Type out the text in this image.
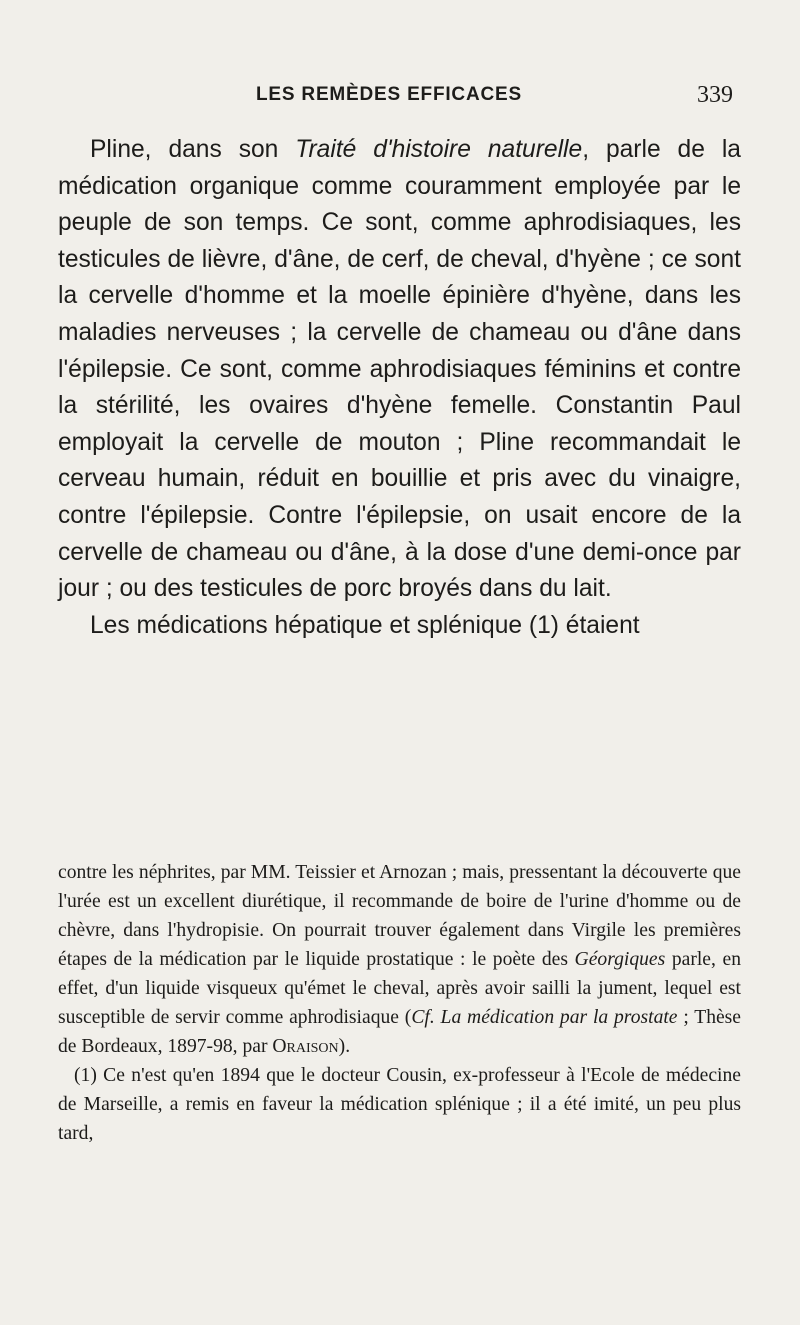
LES REMÈDES EFFICACES	339

Pline, dans son Traité d'histoire naturelle, parle de la médication organique comme couramment employée par le peuple de son temps. Ce sont, comme aphrodisiaques, les testicules de lièvre, d'âne, de cerf, de cheval, d'hyène ; ce sont la cervelle d'homme et la moelle épinière d'hyène, dans les maladies nerveuses ; la cervelle de chameau ou d'âne dans l'épilepsie. Ce sont, comme aphrodisiaques féminins et contre la stérilité, les ovaires d'hyène femelle. Constantin Paul employait la cervelle de mouton ; Pline recommandait le cerveau humain, réduit en bouillie et pris avec du vinaigre, contre l'épilepsie. Contre l'épilepsie, on usait encore de la cervelle de chameau ou d'âne, à la dose d'une demi-once par jour ; ou des testicules de porc broyés dans du lait.

Les médications hépatique et splénique (1) étaient

contre les néphrites, par MM. Teissier et Arnozan ; mais, pressentant la découverte que l'urée est un excellent diurétique, il recommande de boire de l'urine d'homme ou de chèvre, dans l'hydropisie. On pourrait trouver également dans Virgile les premières étapes de la médication par le liquide prostatique : le poète des Géorgiques parle, en effet, d'un liquide visqueux qu'émet le cheval, après avoir sailli la jument, lequel est susceptible de servir comme aphrodisiaque (Cf. La médication par la prostate ; Thèse de Bordeaux, 1897-98, par Oraison).

(1) Ce n'est qu'en 1894 que le docteur Cousin, ex-professeur à l'Ecole de médecine de Marseille, a remis en faveur la médication splénique ; il a été imité, un peu plus tard,
